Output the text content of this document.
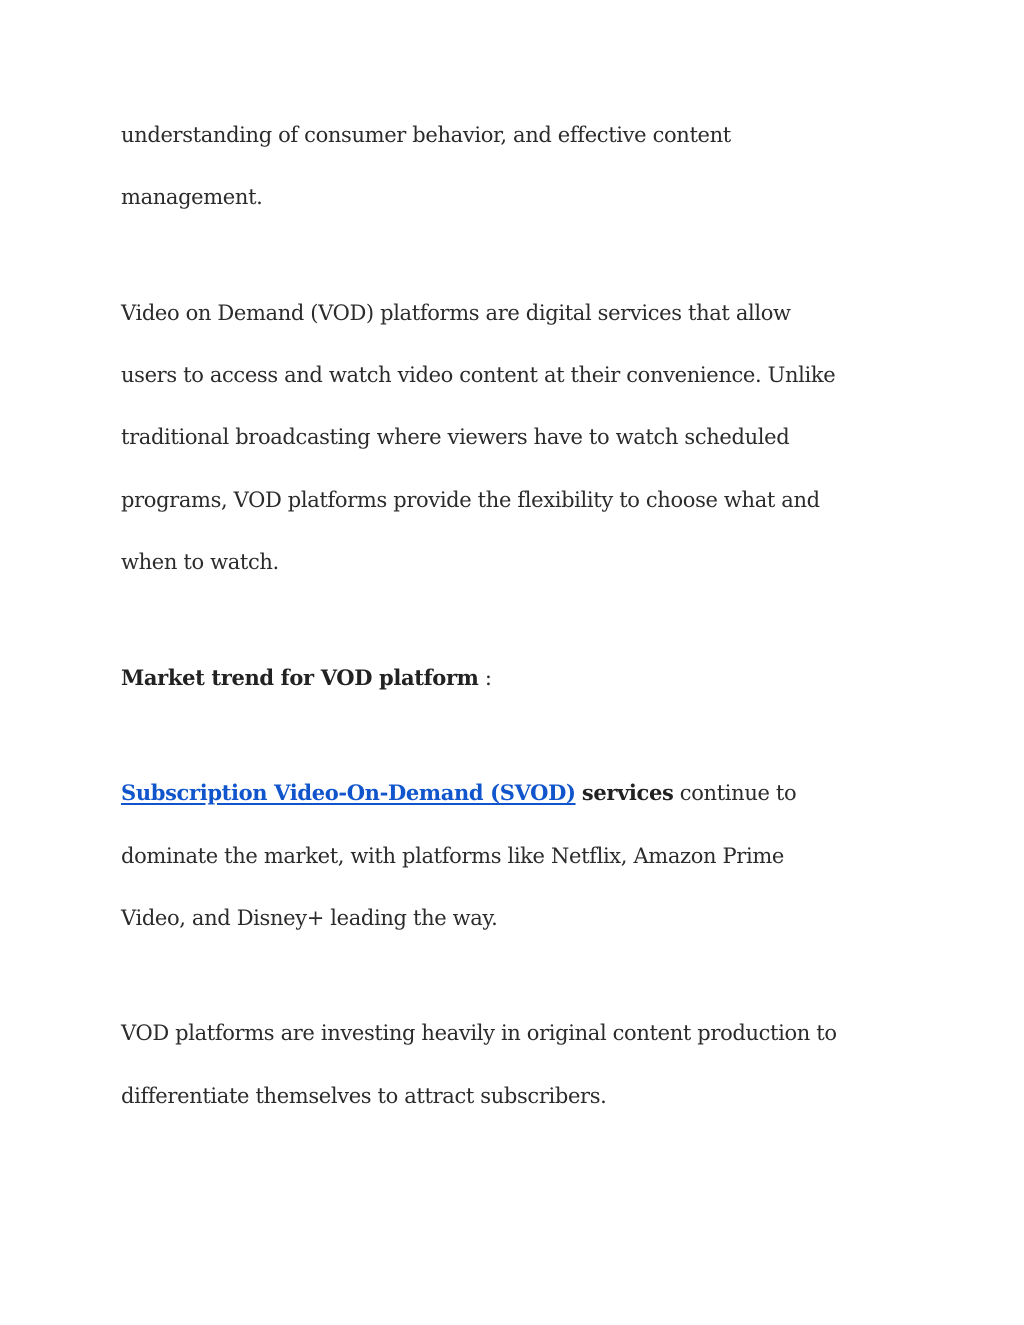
understanding of consumer behavior, and effective content
management.
Video on Demand (VOD) platforms are digital services that allow
users to access and watch video content at their convenience. Unlike
traditional broadcasting where viewers have to watch scheduled
programs, VOD platforms provide the flexibility to choose what and
when to watch.
Market trend for VOD platform :
Subscription Video-On-Demand (SVOD) services continue to
dominate the market, with platforms like Netflix, Amazon Prime
Video, and Disney+ leading the way.
VOD platforms are investing heavily in original content production to
differentiate themselves to attract subscribers.
